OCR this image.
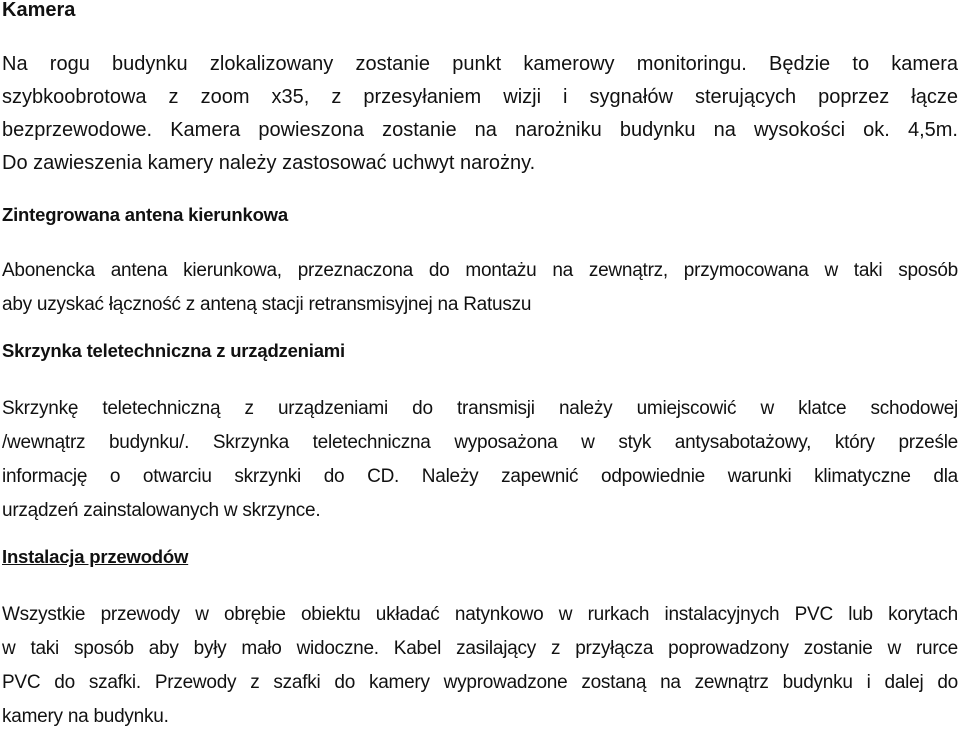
Kamera
Na rogu budynku zlokalizowany zostanie punkt kamerowy monitoringu. Będzie to kamera
szybkoobrotowa z zoom x35, z przesyłaniem wizji i sygnałów sterujących poprzez łącze
bezprzewodowe. Kamera powieszona zostanie na narożniku budynku na wysokości ok. 4,5m.
Do zawieszenia kamery należy zastosować uchwyt narożny.
Zintegrowana antena kierunkowa
Abonencka antena kierunkowa, przeznaczona do montażu na zewnątrz, przymocowana w taki sposób
aby uzyskać łączność z anteną stacji retransmisyjnej na Ratuszu
Skrzynka teletechniczna z urządzeniami
Skrzynkę teletechniczną z urządzeniami do transmisji należy umiejscowić w klatce schodowej
/wewnątrz budynku/. Skrzynka teletechniczna wyposażona w styk antysabotażowy, który prześle
informację o otwarciu skrzynki do CD. Należy zapewnić odpowiednie warunki klimatyczne dla
urządzeń zainstalowanych w skrzynce.
Instalacja przewodów
Wszystkie przewody w obrębie obiektu układać natynkowo w rurkach instalacyjnych PVC lub korytach
w taki sposób aby były mało widoczne. Kabel zasilający z przyłącza poprowadzony zostanie w rurce
PVC do szafki. Przewody z szafki do kamery wyprowadzone zostaną na zewnątrz budynku i dalej do
kamery na budynku.
